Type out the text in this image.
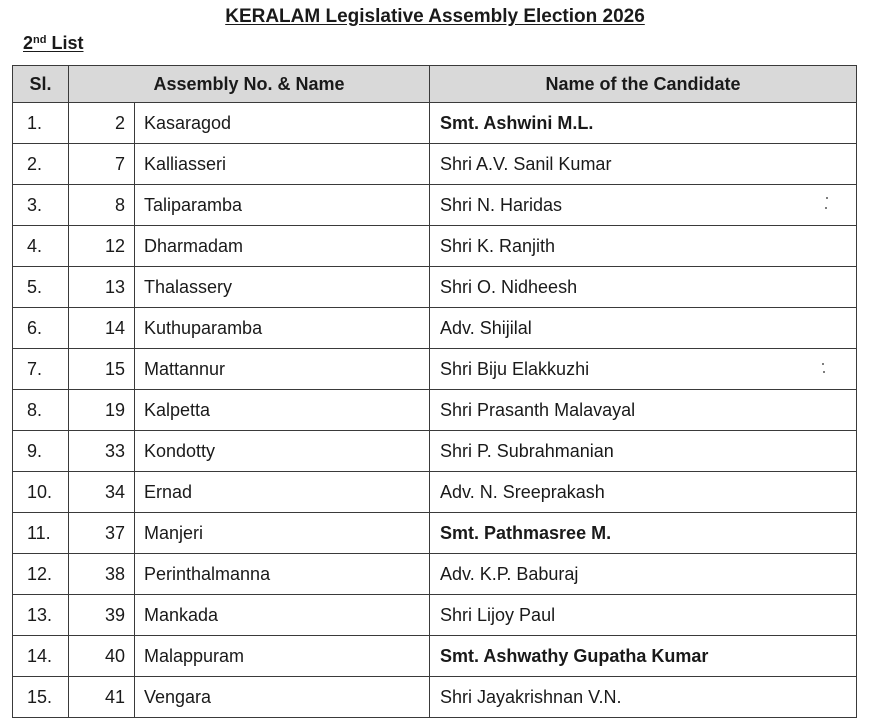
KERALAM Legislative Assembly Election 2026
2nd List
Sl.	Assembly No. & Name		Name of the Candidate
1.	2	Kasaragod	Smt. Ashwini M.L.
2.	7	Kalliasseri	Shri A.V. Sanil Kumar
3.	8	Taliparamba	Shri N. Haridas
4.	12	Dharmadam	Shri K. Ranjith
5.	13	Thalassery	Shri O. Nidheesh
6.	14	Kuthuparamba	Adv. Shijilal
7.	15	Mattannur	Shri Biju Elakkuzhi
8.	19	Kalpetta	Shri Prasanth Malavayal
9.	33	Kondotty	Shri P. Subrahmanian
10.	34	Ernad	Adv. N. Sreeprakash
11.	37	Manjeri	Smt. Pathmasree M.
12.	38	Perinthalmanna	Adv. K.P. Baburaj
13.	39	Mankada	Shri Lijoy Paul
14.	40	Malappuram	Smt. Ashwathy Gupatha Kumar
15.	41	Vengara	Shri Jayakrishnan V.N.
